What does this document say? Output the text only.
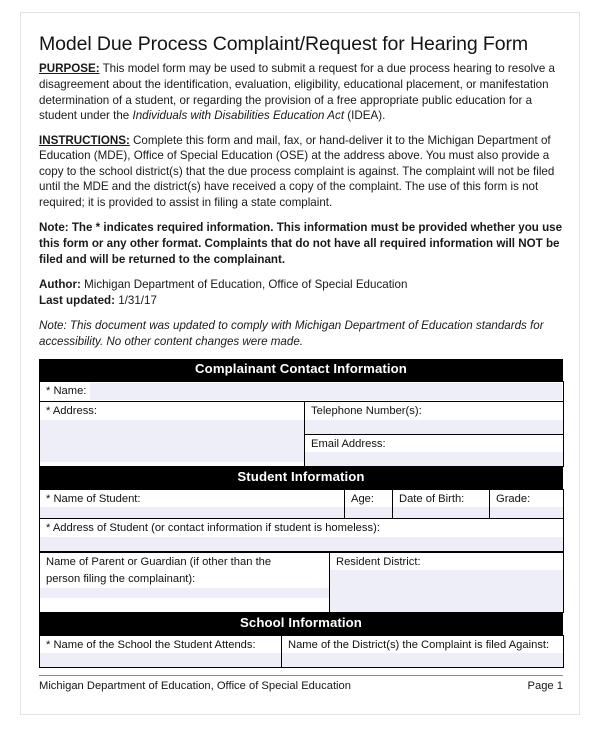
Model Due Process Complaint/Request for Hearing Form

PURPOSE: This model form may be used to submit a request for a due process hearing to resolve a disagreement about the identification, evaluation, eligibility, educational placement, or manifestation determination of a student, or regarding the provision of a free appropriate public education for a student under the Individuals with Disabilities Education Act (IDEA).

INSTRUCTIONS: Complete this form and mail, fax, or hand-deliver it to the Michigan Department of Education (MDE), Office of Special Education (OSE) at the address above. You must also provide a copy to the school district(s) that the due process complaint is against. The complaint will not be filed until the MDE and the district(s) have received a copy of the complaint. The use of this form is not required; it is provided to assist in filing a state complaint.

Note: The * indicates required information. This information must be provided whether you use this form or any other format. Complaints that do not have all required information will NOT be filed and will be returned to the complainant.

Author: Michigan Department of Education, Office of Special Education

Last updated: 1/31/17

Note: This document was updated to comply with Michigan Department of Education standards for accessibility. No other content changes were made.

Complainant Contact Information
* Name:

* Address:	Telephone Number(s):

Email Address:
Student Information
* Name of Student:	Age:	Date of Birth:	Grade:

* Address of Student (or contact information if student is homeless):
Name of Parent or Guardian (if other than the
person filing the complainant):

Resident District:
School Information
* Name of the School the Student Attends:	Name of the District(s) the Complaint is filed Against:
Michigan Department of Education, Office of Special Education	Page 1
